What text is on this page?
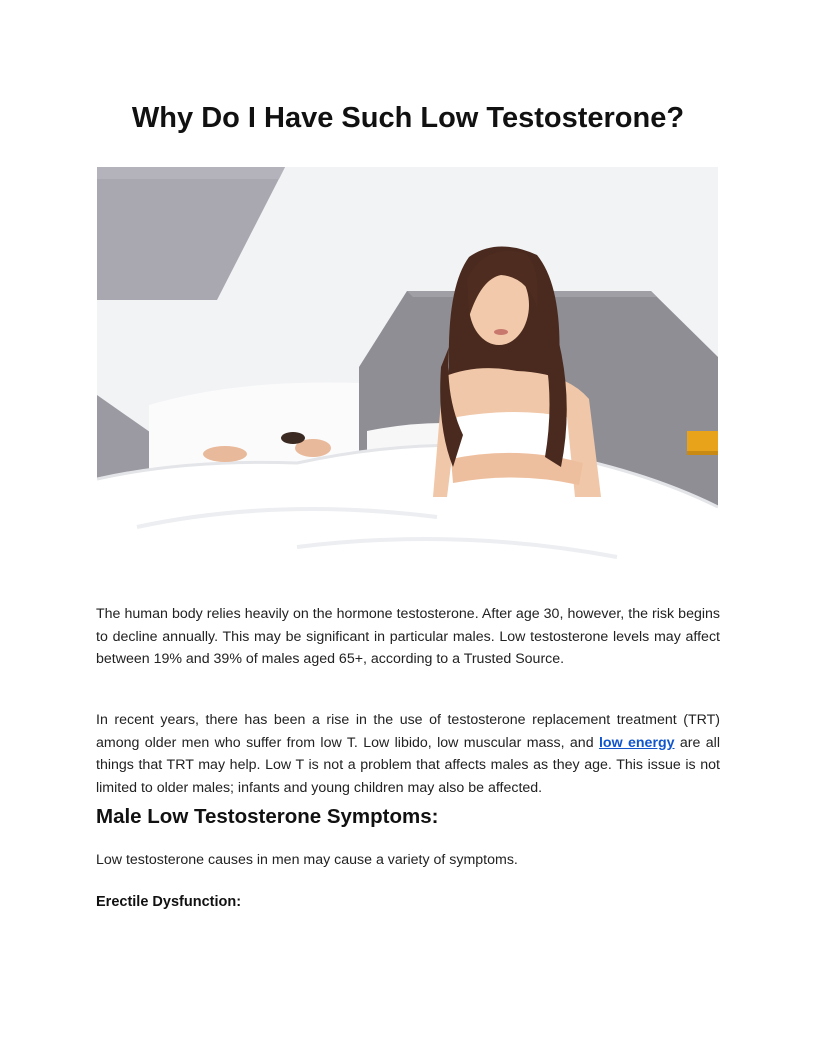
Why Do I Have Such Low Testosterone?

The human body relies heavily on the hormone testosterone. After age 30, however, the risk begins to decline annually. This may be significant in particular males. Low testosterone levels may affect between 19% and 39% of males aged 65+, according to a Trusted Source.

In recent years, there has been a rise in the use of testosterone replacement treatment (TRT) among older men who suffer from low T. Low libido, low muscular mass, and low energy are all things that TRT may help. Low T is not a problem that affects males as they age. This issue is not limited to older males; infants and young children may also be affected.

Male Low Testosterone Symptoms:

Low testosterone causes in men may cause a variety of symptoms.

Erectile Dysfunction:
